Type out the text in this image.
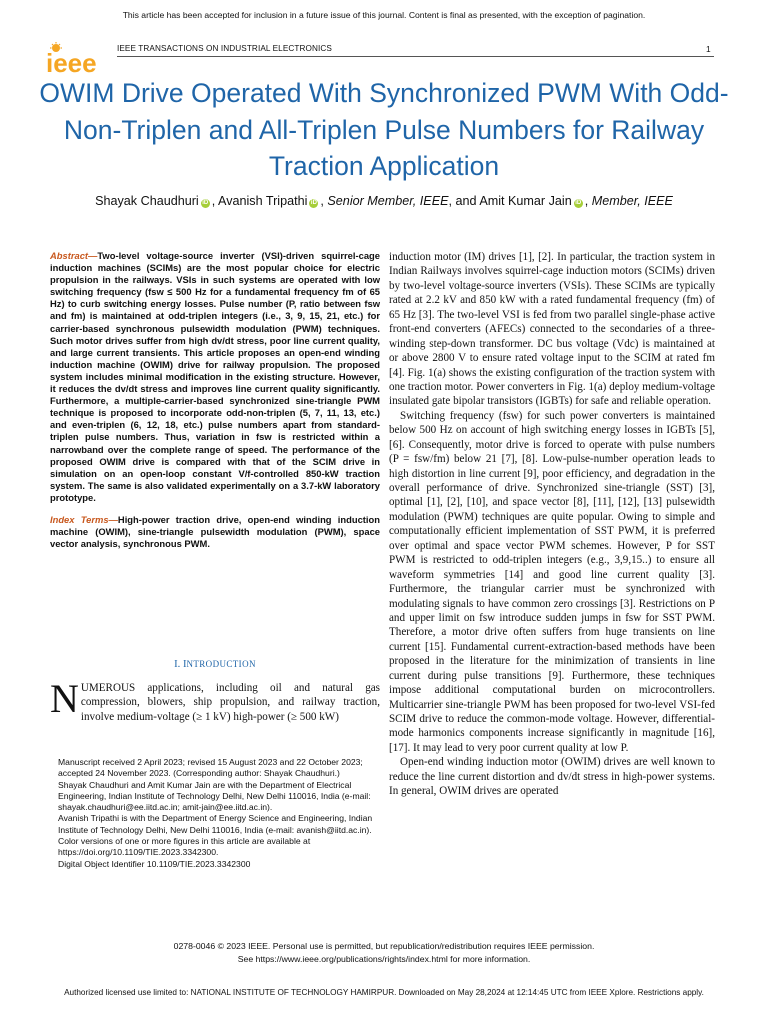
This article has been accepted for inclusion in a future issue of this journal. Content is final as presented, with the exception of pagination.
ieee IEEE TRANSACTIONS ON INDUSTRIAL ELECTRONICS	1
OWIM Drive Operated With Synchronized PWM With Odd-Non-Triplen and All-Triplen Pulse Numbers for Railway Traction Application
Shayak Chaudhuri iD , Avanish Tripathi iD , Senior Member, IEEE, and Amit Kumar Jain iD , Member, IEEE

Abstract—Two-level voltage-source inverter (VSI)-driven squirrel-cage induction machines (SCIMs) are the most popular choice for electric propulsion in the railways. VSIs in such systems are operated with low switching frequency (fsw ≤ 500 Hz for a fundamental frequency fm of 65 Hz) to curb switching energy losses. Pulse number (P, ratio between fsw and fm) is maintained at odd-triplen integers (i.e., 3, 9, 15, 21, etc.) for carrier-based synchronous pulsewidth modulation (PWM) techniques. Such motor drives suffer from high dv/dt stress, poor line current quality, and large current transients. This article proposes an open-end winding induction machine (OWIM) drive for railway propulsion. The proposed system includes minimal modification in the existing structure. However, it reduces the dv/dt stress and improves line current quality significantly. Furthermore, a multiple-carrier-based synchronized sine-triangle PWM technique is proposed to incorporate odd-non-triplen (5, 7, 11, 13, etc.) and even-triplen (6, 12, 18, etc.) pulse numbers apart from standard-triplen pulse numbers. Thus, variation in fsw is restricted within a narrowband over the complete range of speed. The performance of the proposed OWIM drive is compared with that of the SCIM drive in simulation on an open-loop constant V/f-controlled 850-kW traction system. The same is also validated experimentally on a 3.7-kW laboratory prototype.

Index Terms—High-power traction drive, open-end winding induction machine (OWIM), sine-triangle pulsewidth modulation (PWM), space vector analysis, synchronous PWM.

I. INTRODUCTION

NUMEROUS applications, including oil and natural gas compression, blowers, ship propulsion, and railway traction, involve medium-voltage (≥ 1 kV) high-power (≥ 500 kW)

Manuscript received 2 April 2023; revised 15 August 2023 and 22 October 2023; accepted 24 November 2023. (Corresponding author: Shayak Chaudhuri.)

Shayak Chaudhuri and Amit Kumar Jain are with the Department of Electrical Engineering, Indian Institute of Technology Delhi, New Delhi 110016, India (e-mail: shayak.chaudhuri@ee.iitd.ac.in; amit-jain@ee.iitd.ac.in).

Avanish Tripathi is with the Department of Energy Science and Engineering, Indian Institute of Technology Delhi, New Delhi 110016, India (e-mail: avanish@iitd.ac.in).

Color versions of one or more figures in this article are available at https://doi.org/10.1109/TIE.2023.3342300.

Digital Object Identifier 10.1109/TIE.2023.3342300

induction motor (IM) drives [1], [2]. In particular, the traction system in Indian Railways involves squirrel-cage induction motors (SCIMs) driven by two-level voltage-source inverters (VSIs). These SCIMs are typically rated at 2.2 kV and 850 kW with a rated fundamental frequency (fm) of 65 Hz [3]. The two-level VSI is fed from two parallel single-phase active front-end converters (AFECs) connected to the secondaries of a three-winding step-down transformer. DC bus voltage (Vdc) is maintained at or above 2800 V to ensure rated voltage input to the SCIM at rated fm [4]. Fig. 1(a) shows the existing configuration of the traction system with one traction motor. Power converters in Fig. 1(a) deploy medium-voltage insulated gate bipolar transistors (IGBTs) for safe and reliable operation.

Switching frequency (fsw) for such power converters is maintained below 500 Hz on account of high switching energy losses in IGBTs [5], [6]. Consequently, motor drive is forced to operate with pulse numbers (P = fsw/fm) below 21 [7], [8]. Low-pulse-number operation leads to high distortion in line current [9], poor efficiency, and degradation in the overall performance of drive. Synchronized sine-triangle (SST) [3], optimal [1], [2], [10], and space vector [8], [11], [12], [13] pulsewidth modulation (PWM) techniques are quite popular. Owing to simple and computationally efficient implementation of SST PWM, it is preferred over optimal and space vector PWM schemes. However, P for SST PWM is restricted to odd-triplen integers (e.g., 3,9,15..) to ensure all waveform symmetries [14] and good line current quality [3]. Furthermore, the triangular carrier must be synchronized with modulating signals to have common zero crossings [3]. Restrictions on P and upper limit on fsw introduce sudden jumps in fsw for SST PWM. Therefore, a motor drive often suffers from huge transients on line current [15]. Fundamental current-extraction-based methods have been proposed in the literature for the minimization of transients in line current during pulse transitions [9]. Furthermore, these techniques impose additional computational burden on microcontrollers. Multicarrier sine-triangle PWM has been proposed for two-level VSI-fed SCIM drive to reduce the common-mode voltage. However, differential-mode harmonics components increase significantly in magnitude [16], [17]. It may lead to very poor current quality at low P.

Open-end winding induction motor (OWIM) drives are well known to reduce the line current distortion and dv/dt stress in high-power systems. In general, OWIM drives are operated

0278-0046 © 2023 IEEE. Personal use is permitted, but republication/redistribution requires IEEE permission.
See https://www.ieee.org/publications/rights/index.html for more information.
Authorized licensed use limited to: NATIONAL INSTITUTE OF TECHNOLOGY HAMIRPUR. Downloaded on May 28,2024 at 12:14:45 UTC from IEEE Xplore. Restrictions apply.
